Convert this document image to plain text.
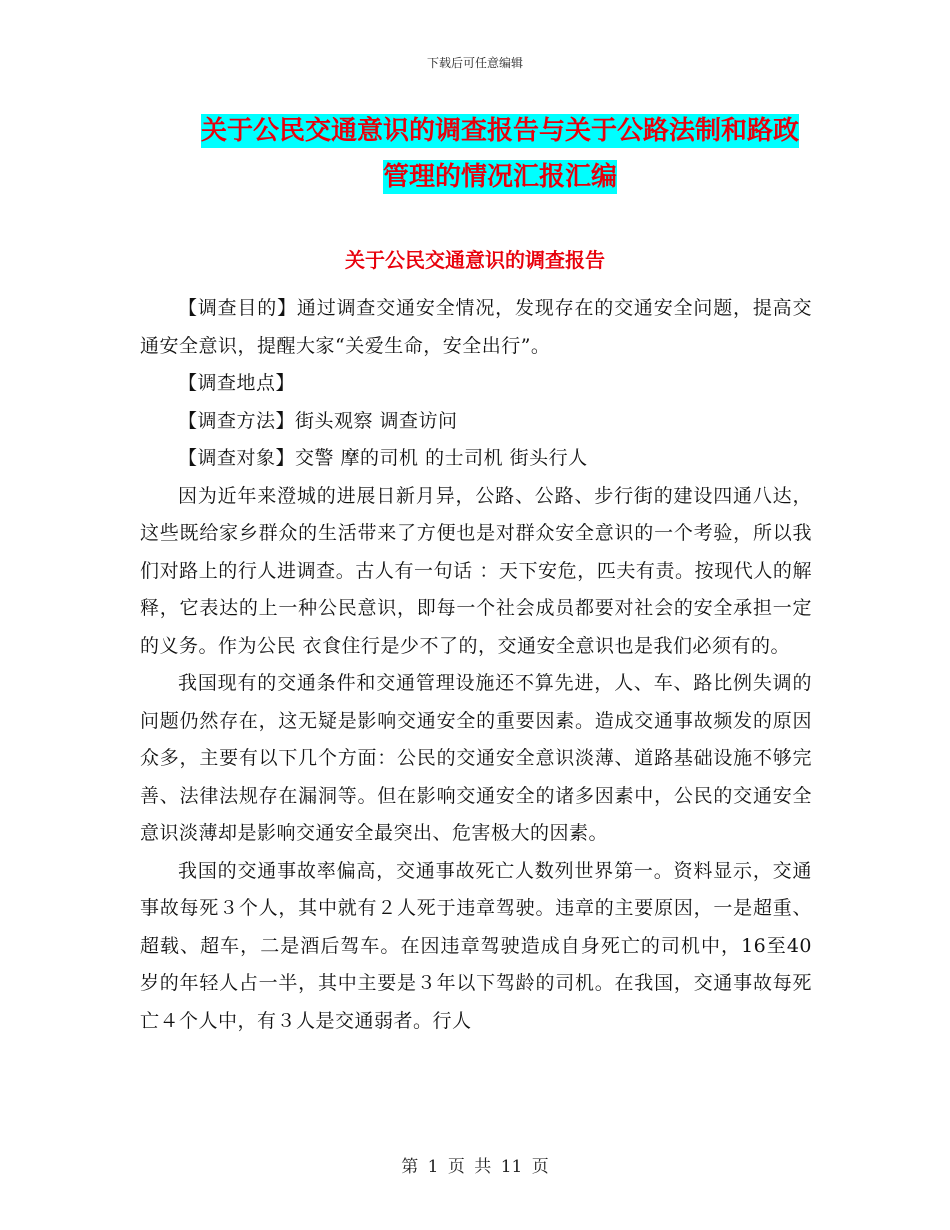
下载后可任意编辑
关于公民交通意识的调查报告与关于公路法制和路政
管理的情况汇报汇编
关于公民交通意识的调查报告

【调查目的】通过调查交通安全情况，发现存在的交通安全问题，提高交通安全意识，提醒大家“关爱生命，安全出行”。

【调查地点】

【调查方法】街头观察 调查访问

【调查对象】交警 摩的司机 的士司机 街头行人

因为近年来澄城的进展日新月异，公路、公路、步行街的建设四通八达，这些既给家乡群众的生活带来了方便也是对群众安全意识的一个考验，所以我们对路上的行人进调查。古人有一句话 ：天下安危，匹夫有责。按现代人的解释，它表达的上一种公民意识，即每一个社会成员都要对社会的安全承担一定的义务。作为公民 衣食住行是少不了的，交通安全意识也是我们必须有的。

我国现有的交通条件和交通管理设施还不算先进，人、车、路比例失调的问题仍然存在，这无疑是影响交通安全的重要因素。造成交通事故频发的原因众多，主要有以下几个方面：公民的交通安全意识淡薄、道路基础设施不够完善、法律法规存在漏洞等。但在影响交通安全的诸多因素中，公民的交通安全意识淡薄却是影响交通安全最突出、危害极大的因素。

我国的交通事故率偏高，交通事故死亡人数列世界第一。资料显示，交通事故每死３个人，其中就有２人死于违章驾驶。违章的主要原因，一是超重、超载、超车，二是酒后驾车。在因违章驾驶造成自身死亡的司机中，16至40岁的年轻人占一半，其中主要是３年以下驾龄的司机。在我国，交通事故每死亡４个人中，有３人是交通弱者。行人

第 1 页 共 11 页
